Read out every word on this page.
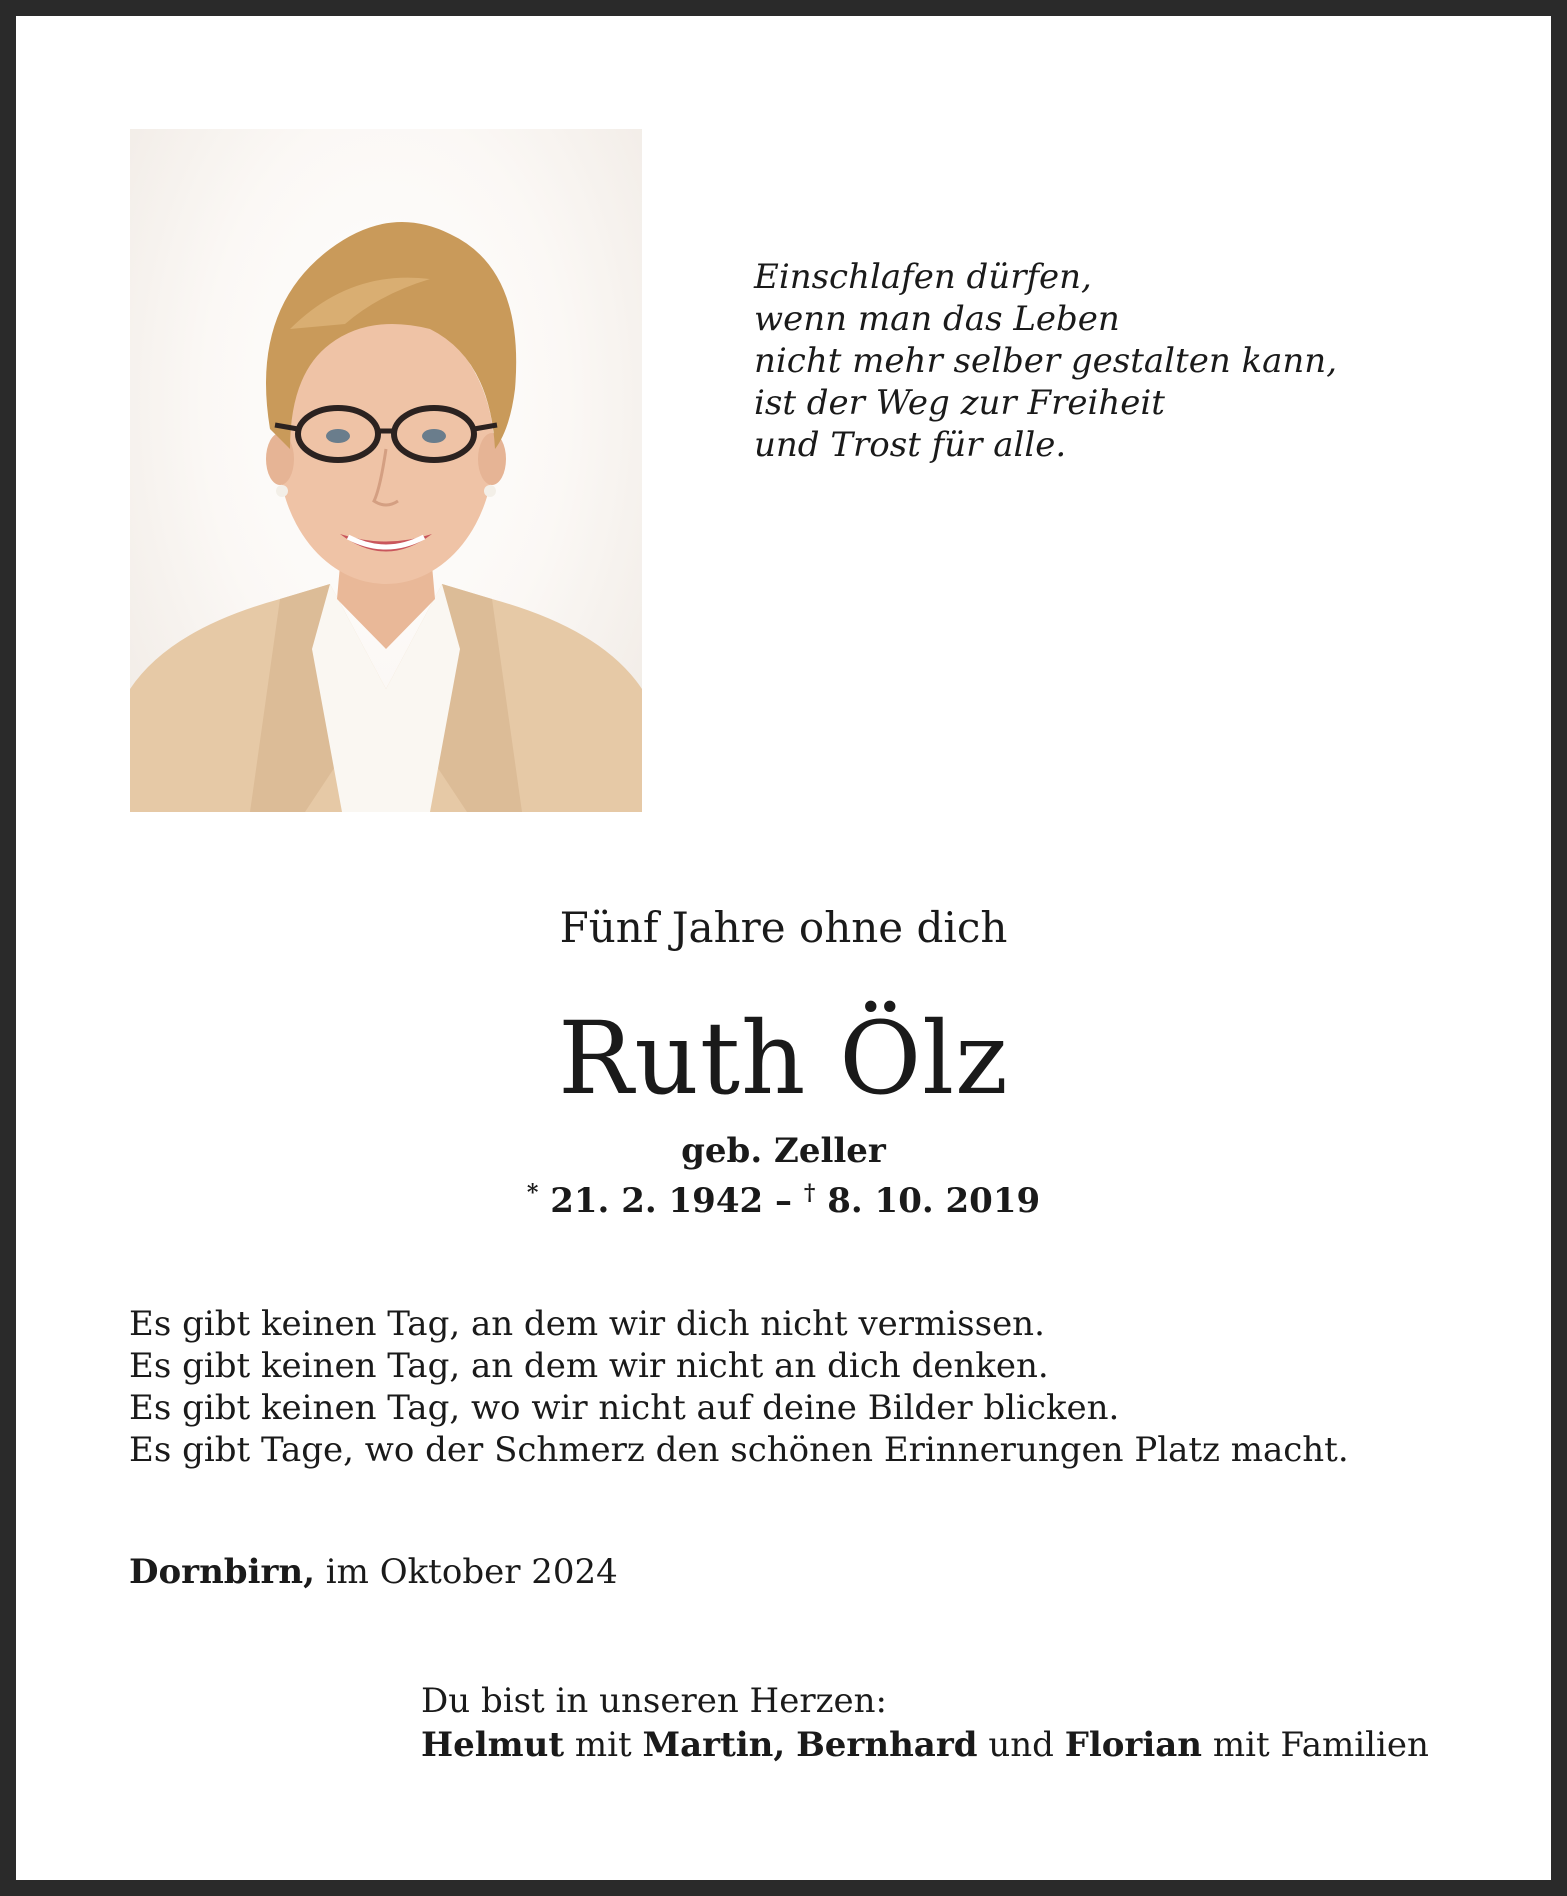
Einschlafen dürfen,
wenn man das Leben
nicht mehr selber gestalten kann,
ist der Weg zur Freiheit
und Trost für alle.
Fünf Jahre ohne dich
Ruth Ölz
geb. Zeller
* 21. 2. 1942 – † 8. 10. 2019
Es gibt keinen Tag, an dem wir dich nicht vermissen.
Es gibt keinen Tag, an dem wir nicht an dich denken.
Es gibt keinen Tag, wo wir nicht auf deine Bilder blicken.
Es gibt Tage, wo der Schmerz den schönen Erinnerungen Platz macht.
Dornbirn, im Oktober 2024
Du bist in unseren Herzen:
Helmut mit Martin, Bernhard und Florian mit Familien
